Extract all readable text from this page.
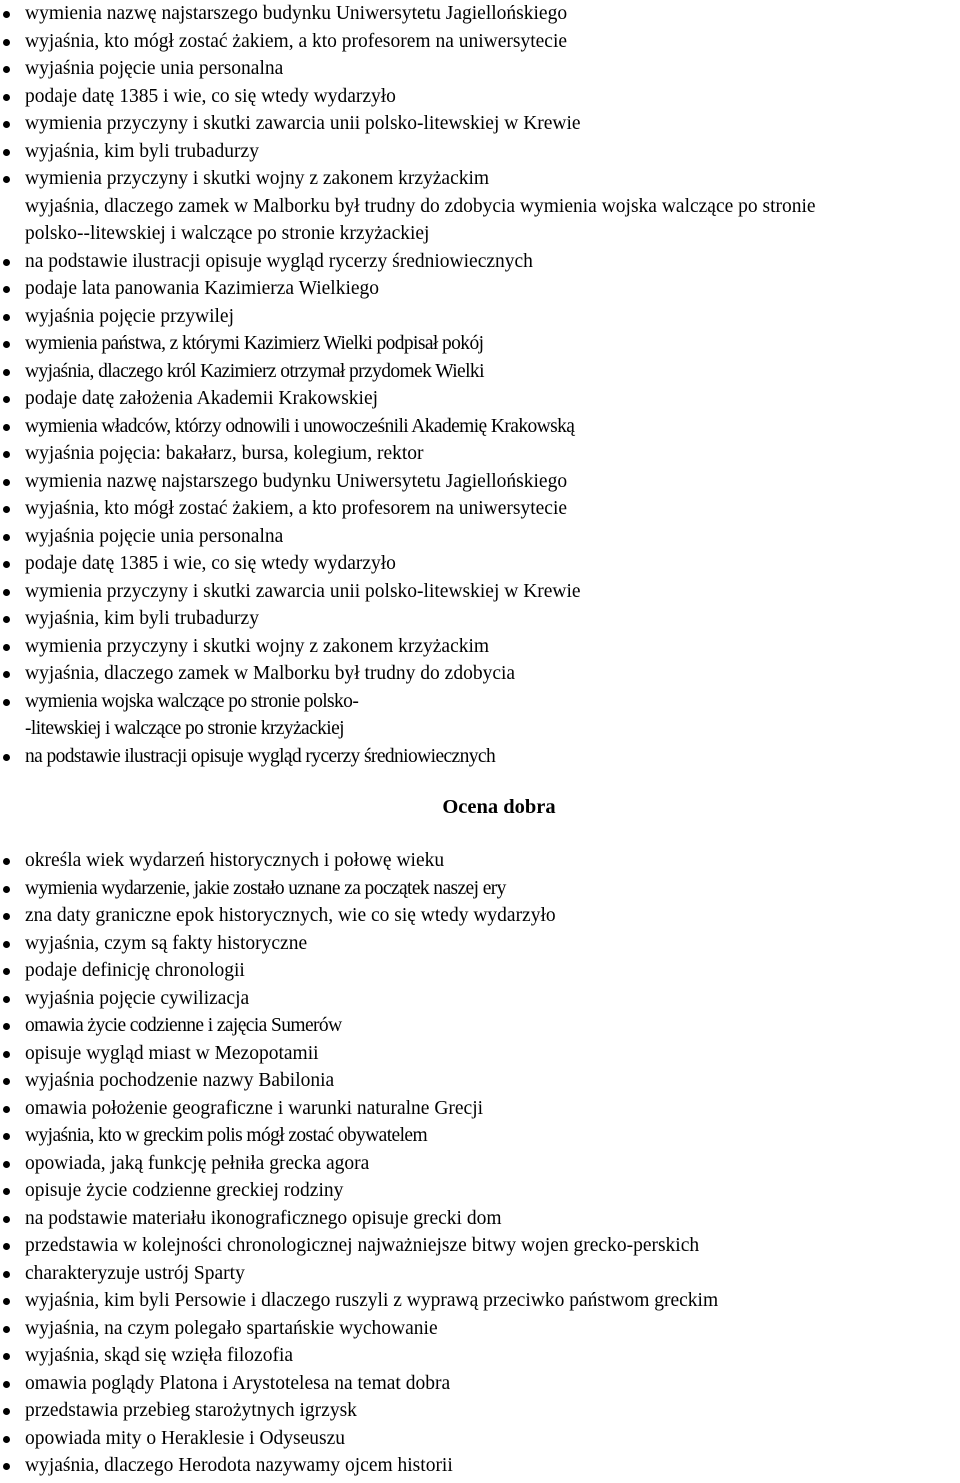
wymienia nazwę najstarszego budynku Uniwersytetu Jagiellońskiego
wyjaśnia, kto mógł zostać żakiem, a kto profesorem na uniwersytecie
wyjaśnia pojęcie unia personalna
podaje datę 1385 i wie, co się wtedy wydarzyło
wymienia przyczyny i skutki zawarcia unii polsko-litewskiej w Krewie
wyjaśnia, kim byli trubadurzy
wymienia przyczyny i skutki wojny z zakonem krzyżackim
wyjaśnia, dlaczego zamek w Malborku był trudny do zdobycia wymienia wojska walczące po stronie
polsko--litewskiej i walczące po stronie krzyżackiej
na podstawie ilustracji opisuje wygląd rycerzy średniowiecznych
podaje lata panowania Kazimierza Wielkiego
wyjaśnia pojęcie przywilej
wymienia państwa, z którymi Kazimierz Wielki podpisał pokój
wyjaśnia, dlaczego król Kazimierz otrzymał przydomek Wielki
podaje datę założenia Akademii Krakowskiej
wymienia władców, którzy odnowili i unowocześnili Akademię Krakowską
wyjaśnia pojęcia: bakałarz, bursa, kolegium, rektor
wymienia nazwę najstarszego budynku Uniwersytetu Jagiellońskiego
wyjaśnia, kto mógł zostać żakiem, a kto profesorem na uniwersytecie
wyjaśnia pojęcie unia personalna
podaje datę 1385 i wie, co się wtedy wydarzyło
wymienia przyczyny i skutki zawarcia unii polsko-litewskiej w Krewie
wyjaśnia, kim byli trubadurzy
wymienia przyczyny i skutki wojny z zakonem krzyżackim
wyjaśnia, dlaczego zamek w Malborku był trudny do zdobycia
wymienia wojska walczące po stronie polsko-
-litewskiej i walczące po stronie krzyżackiej
na podstawie ilustracji opisuje wygląd rycerzy średniowiecznych
Ocena dobra
określa wiek wydarzeń historycznych i połowę wieku
wymienia wydarzenie, jakie zostało uznane za początek naszej ery
zna daty graniczne epok historycznych, wie co się wtedy wydarzyło
wyjaśnia, czym są fakty historyczne
podaje definicję chronologii
wyjaśnia pojęcie cywilizacja
omawia życie codzienne i zajęcia Sumerów
opisuje wygląd miast w Mezopotamii
wyjaśnia pochodzenie nazwy Babilonia
omawia położenie geograficzne i warunki naturalne Grecji
wyjaśnia, kto w greckim polis mógł zostać obywatelem
opowiada, jaką funkcję pełniła grecka agora
opisuje życie codzienne greckiej rodziny
na podstawie materiału ikonograficznego opisuje grecki dom
przedstawia w kolejności chronologicznej najważniejsze bitwy wojen grecko-perskich
charakteryzuje ustrój Sparty
wyjaśnia, kim byli Persowie i dlaczego ruszyli z wyprawą przeciwko państwom greckim
wyjaśnia, na czym polegało spartańskie wychowanie
wyjaśnia, skąd się wzięła filozofia
omawia poglądy Platona i Arystotelesa na temat dobra
przedstawia przebieg starożytnych igrzysk
opowiada mity o Heraklesie i Odyseuszu
wyjaśnia, dlaczego Herodota nazywamy ojcem historii
